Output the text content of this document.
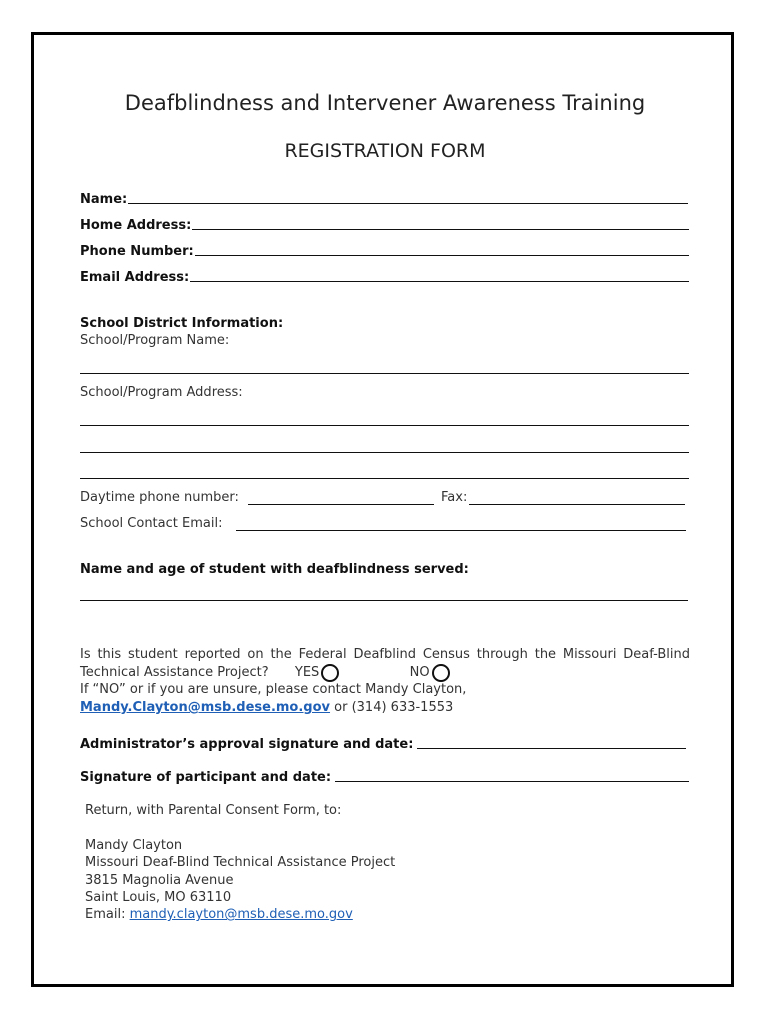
Deafblindness and Intervener Awareness Training
REGISTRATION FORM
Name:
Home Address:
Phone Number:
Email Address:
School District Information:
School/Program Name:
School/Program Address:
Daytime phone number:	Fax:
School Contact Email:
Name and age of student with deafblindness served:
Is this student reported on the Federal Deafblind Census through the Missouri Deaf-Blind
Technical Assistance Project? YES	NO
If “NO” or if you are unsure, please contact Mandy Clayton,
Mandy.Clayton@msb.dese.mo.gov or (314) 633-1553
Administrator’s approval signature and date:
Signature of participant and date:
Return, with Parental Consent Form, to:
Mandy Clayton
Missouri Deaf-Blind Technical Assistance Project
3815 Magnolia Avenue
Saint Louis, MO 63110
Email: mandy.clayton@msb.dese.mo.gov
